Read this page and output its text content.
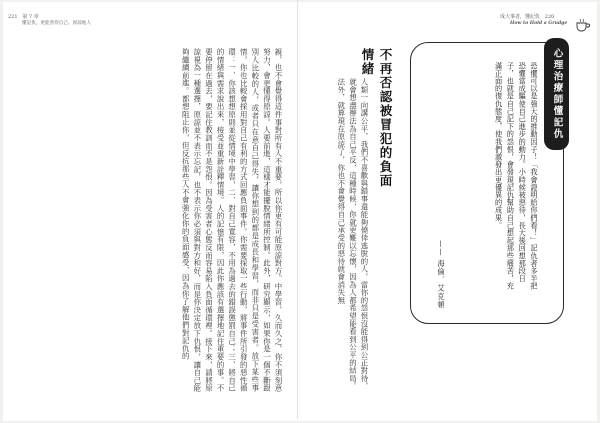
221 第 7 章
懂記仇，更能善待自己、原諒他人
成大事者，懂記仇 220
How to Hold a Grudge

親，也不會覺得這件事對所有人不重要，所以你更有可能原諒對方。中學習，久而久之，你不須刻意努力，會更懂得原諒。人要前進，這樣才能擺脫情緒所控制。此外，研究顯示，如果你是一個不斷跟別人比較的人，或者只在意自己得失，讓你想到的都是成長和學習，而非只是受害者。放下某些事情，你也比較會採用對自己有利的方式回應負面事件。你需要採取一些行動，將事件所引發的惡性循環：一、你該想想原則並從情境中學習，二、對自己寬容，不用為過去的錯誤懲罰自己；三、將自己的情緒與需求說出來，接受並重新詮釋情境。人的記憶有限，因此你應該有選擇地記住重要的事。不要停留在過去，要記住教訓而不是怨恨。因為受害者心態反而容易陷入負面循環裡。接下來，請將原諒視為一種選擇，原諒並不表示忘記，也不表示你必須與對方和好，而是你決定放下仇恨，讓自己能夠繼續前進。都想阻止你，但反抗那些人不會強化你的負面感受，因為你了解他們對記仇的	人類一向講公平，我們不喜歡與錯事還能夠僥倖逃脫的人，當你的怨恨沒能得到公正對待，就會想盡辦法為自己平反，這種時候，你就更難以忘懷，因為人都希望能看到公平的結局。法外，就算現在原諒了，你也不會覺得自己承受的惡待就會消失無	不再否認被冒犯的負面情緒	心理治療師懂記仇

恐懼可以是強大的推動因子！「我會證明給你們看！」記仇者多半把恐懼當成驅使自己進步的動力。小時候被惡待，長大後回想那段日子，也就是自己記下的怨恨，會發現記仇幫助自己想起那些痛苦，充滿正面的復仇態度，使我們激發出更優異的成果。

—— 海倫．艾克頓
